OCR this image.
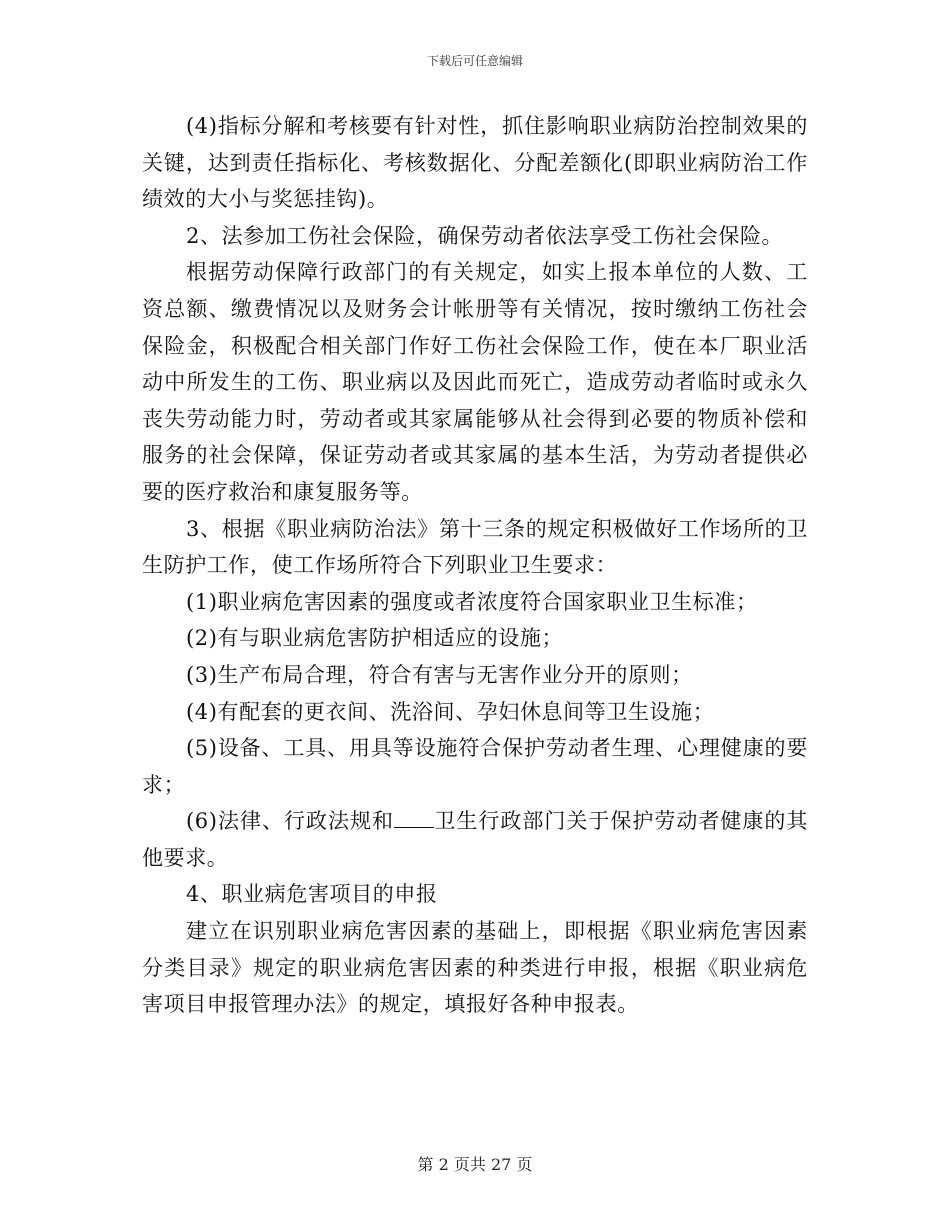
下载后可任意编辑

(4)指标分解和考核要有针对性，抓住影响职业病防治控制效果的关键，达到责任指标化、考核数据化、分配差额化(即职业病防治工作绩效的大小与奖惩挂钩)。

2、法参加工伤社会保险，确保劳动者依法享受工伤社会保险。

根据劳动保障行政部门的有关规定，如实上报本单位的人数、工资总额、缴费情况以及财务会计帐册等有关情况，按时缴纳工伤社会保险金，积极配合相关部门作好工伤社会保险工作，使在本厂职业活动中所发生的工伤、职业病以及因此而死亡，造成劳动者临时或永久丧失劳动能力时，劳动者或其家属能够从社会得到必要的物质补偿和服务的社会保障，保证劳动者或其家属的基本生活，为劳动者提供必要的医疗救治和康复服务等。

3、根据《职业病防治法》第十三条的规定积极做好工作场所的卫生防护工作，使工作场所符合下列职业卫生要求：

(1)职业病危害因素的强度或者浓度符合国家职业卫生标准；

(2)有与职业病危害防护相适应的设施；

(3)生产布局合理，符合有害与无害作业分开的原则；

(4)有配套的更衣间、洗浴间、孕妇休息间等卫生设施；

(5)设备、工具、用具等设施符合保护劳动者生理、心理健康的要求；

(6)法律、行政法规和 卫生行政部门关于保护劳动者健康的其他要求。

4、职业病危害项目的申报

建立在识别职业病危害因素的基础上，即根据《职业病危害因素分类目录》规定的职业病危害因素的种类进行申报，根据《职业病危害项目申报管理办法》的规定，填报好各种申报表。

第 2 页共 27 页
